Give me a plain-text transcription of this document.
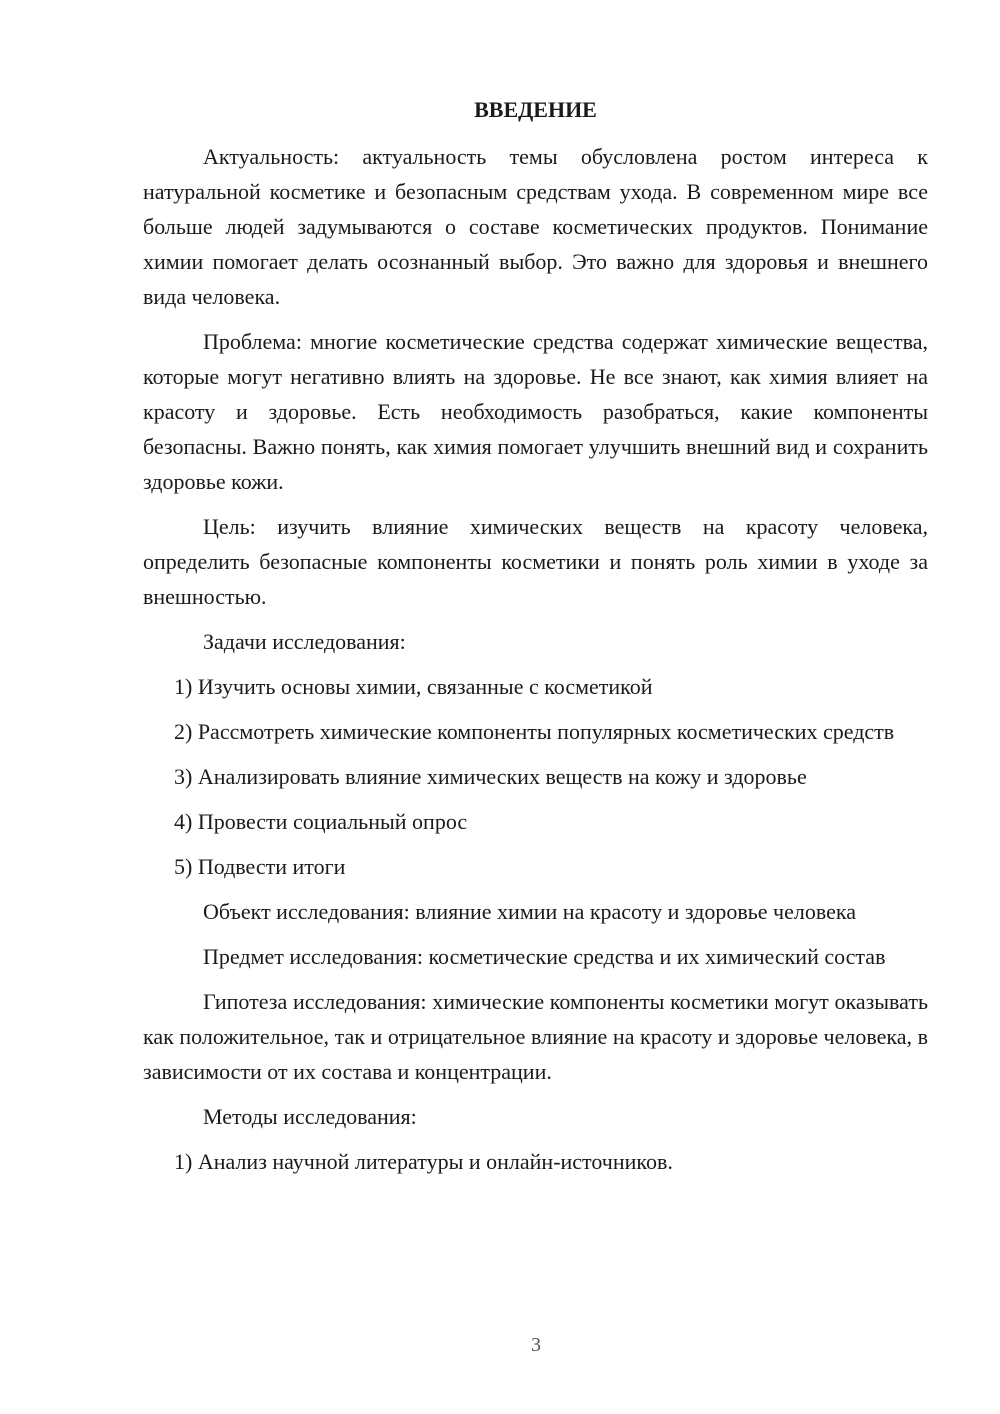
ВВЕДЕНИЕ

Актуальность: актуальность темы обусловлена ростом интереса к натуральной косметике и безопасным средствам ухода. В современном мире все больше людей задумываются о составе косметических продуктов. Понимание химии помогает делать осознанный выбор. Это важно для здоровья и внешнего вида человека.

Проблема: многие косметические средства содержат химические вещества, которые могут негативно влиять на здоровье. Не все знают, как химия влияет на красоту и здоровье. Есть необходимость разобраться, какие компоненты безопасны. Важно понять, как химия помогает улучшить внешний вид и сохранить здоровье кожи.

Цель: изучить влияние химических веществ на красоту человека, определить безопасные компоненты косметики и понять роль химии в уходе за внешностью.

Задачи исследования:

1) Изучить основы химии, связанные с косметикой

2) Рассмотреть химические компоненты популярных косметических средств

3) Анализировать влияние химических веществ на кожу и здоровье

4) Провести социальный опрос

5) Подвести итоги

Объект исследования: влияние химии на красоту и здоровье человека

Предмет исследования: косметические средства и их химический состав

Гипотеза исследования: химические компоненты косметики могут оказывать как положительное, так и отрицательное влияние на красоту и здоровье человека, в зависимости от их состава и концентрации.

Методы исследования:

1) Анализ научной литературы и онлайн-источников.

3
